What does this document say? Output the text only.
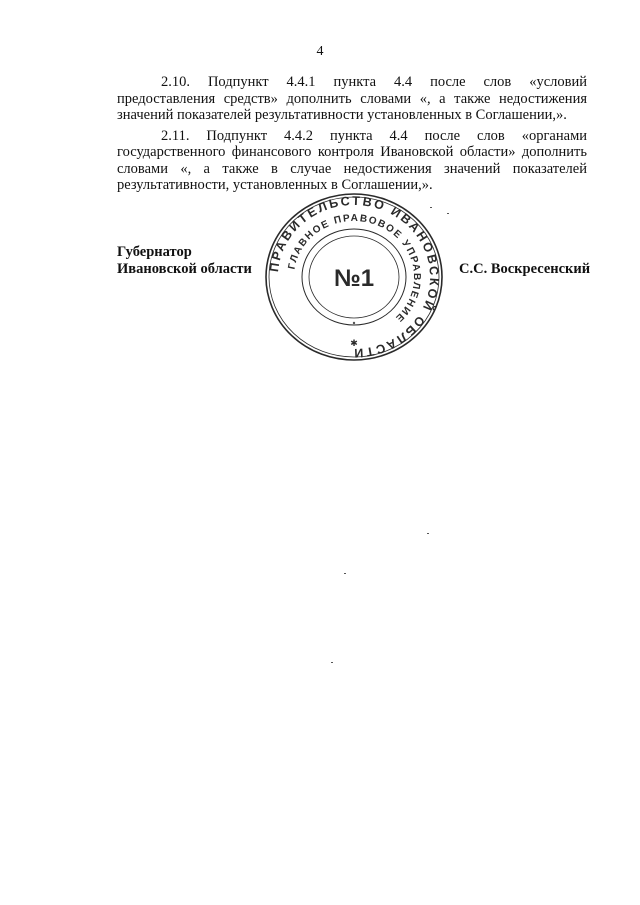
4

2.10. Подпункт 4.4.1 пункта 4.4 после слов «условий предоставления средств» дополнить словами «, а также недостижения значений показателей результативности установленных в Соглашении,».

2.11. Подпункт 4.4.2 пункта 4.4 после слов «органами государственного финансового контроля Ивановской области» дополнить словами «, а также в случае недостижения значений показателей результативности, установленных в Соглашении,».

Губернатор
Ивановской области	С.С. Воскресенский
ПРАВИТЕЛЬСТВО ИВАНОВСКОЙ ОБЛАСТИ
ГЛАВНОЕ ПРАВОВОЕ УПРАВЛЕНИЕ
№1
✱
